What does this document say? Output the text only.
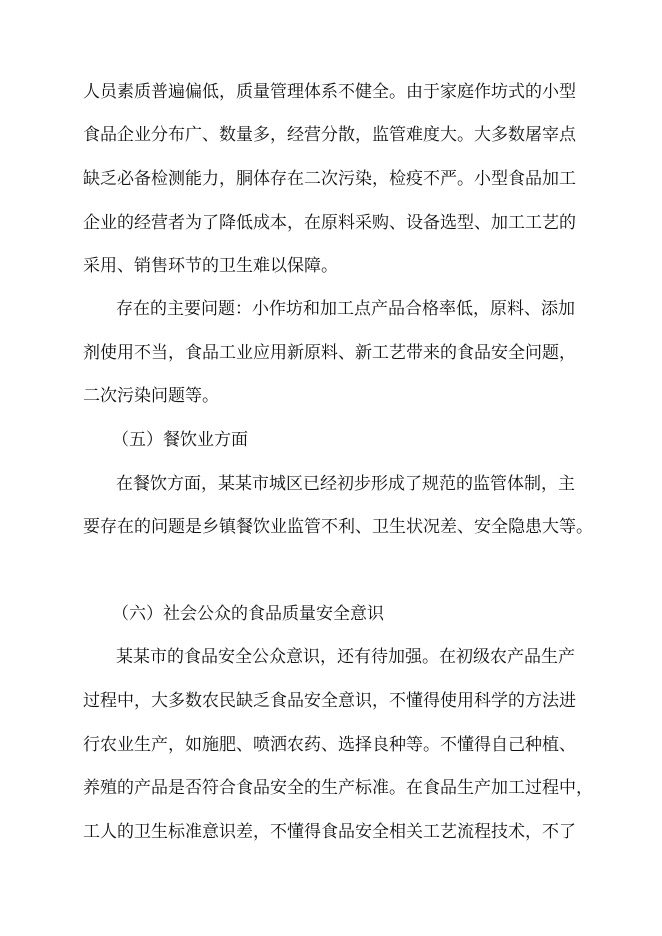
人员素质普遍偏低，质量管理体系不健全。由于家庭作坊式的小型
食品企业分布广、数量多，经营分散，监管难度大。大多数屠宰点
缺乏必备检测能力，胴体存在二次污染，检疫不严。小型食品加工
企业的经营者为了降低成本，在原料采购、设备选型、加工工艺的
采用、销售环节的卫生难以保障。
存在的主要问题：小作坊和加工点产品合格率低，原料、添加
剂使用不当，食品工业应用新原料、新工艺带来的食品安全问题，
二次污染问题等。
（五）餐饮业方面
在餐饮方面，某某市城区已经初步形成了规范的监管体制，主
要存在的问题是乡镇餐饮业监管不利、卫生状况差、安全隐患大等。
（六）社会公众的食品质量安全意识
某某市的食品安全公众意识，还有待加强。在初级农产品生产
过程中，大多数农民缺乏食品安全意识，不懂得使用科学的方法进
行农业生产，如施肥、喷洒农药、选择良种等。不懂得自己种植、
养殖的产品是否符合食品安全的生产标准。在食品生产加工过程中，
工人的卫生标准意识差，不懂得食品安全相关工艺流程技术，不了
